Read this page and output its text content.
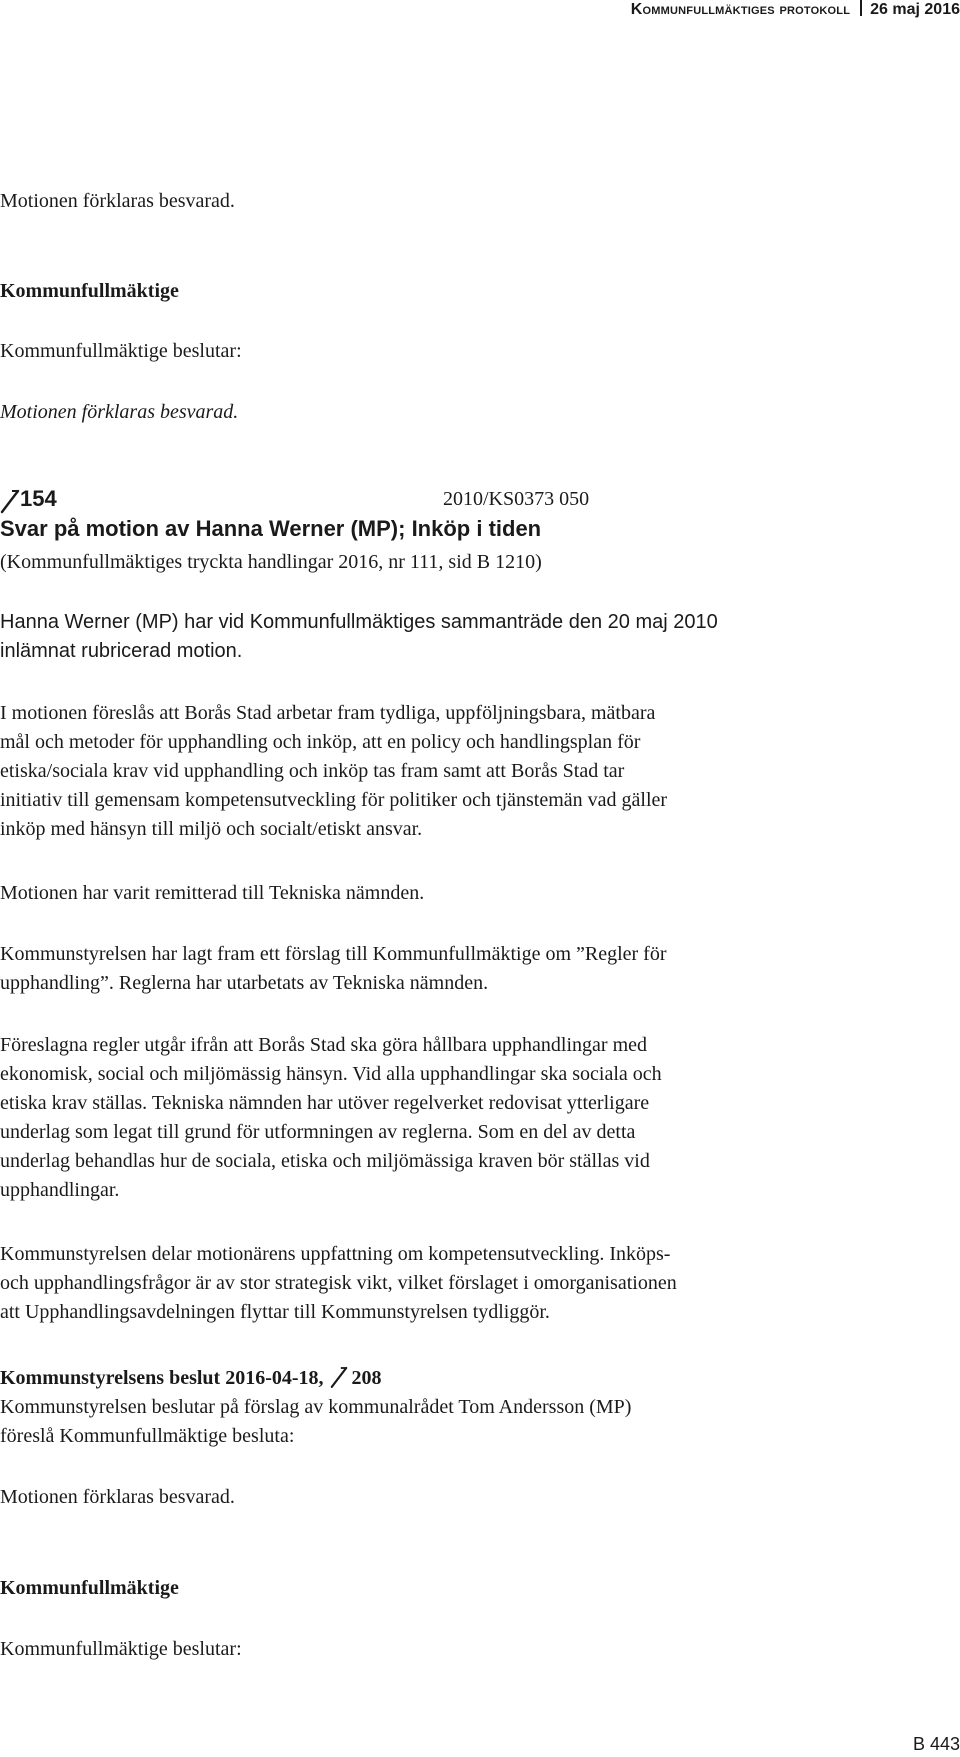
Kommunfullmäktiges protokoll 26 maj 2016

Motionen förklaras besvarad.

Kommunfullmäktige

Kommunfullmäktige beslutar:

Motionen förklaras besvarad.

154	2010/KS0373 050
Svar på motion av Hanna Werner (MP); Inköp i tiden

(Kommunfullmäktiges tryckta handlingar 2016, nr 111, sid B 1210)

Hanna Werner (MP) har vid Kommunfullmäktiges sammanträde den 20 maj 2010

inlämnat rubricerad motion.

I motionen föreslås att Borås Stad arbetar fram tydliga, uppföljningsbara, mätbara

mål och metoder för upphandling och inköp, att en policy och handlingsplan för

etiska/sociala krav vid upphandling och inköp tas fram samt att Borås Stad tar

initiativ till gemensam kompetensutveckling för politiker och tjänstemän vad gäller

inköp med hänsyn till miljö och socialt/etiskt ansvar.

Motionen har varit remitterad till Tekniska nämnden.

Kommunstyrelsen har lagt fram ett förslag till Kommunfullmäktige om ”Regler för

upphandling”. Reglerna har utarbetats av Tekniska nämnden.

Föreslagna regler utgår ifrån att Borås Stad ska göra hållbara upphandlingar med

ekonomisk, social och miljömässig hänsyn. Vid alla upphandlingar ska sociala och

etiska krav ställas. Tekniska nämnden har utöver regelverket redovisat ytterligare

underlag som legat till grund för utformningen av reglerna. Som en del av detta

underlag behandlas hur de sociala, etiska och miljömässiga kraven bör ställas vid

upphandlingar.

Kommunstyrelsen delar motionärens uppfattning om kompetensutveckling. Inköps-

och upphandlingsfrågor är av stor strategisk vikt, vilket förslaget i omorganisationen

att Upphandlingsavdelningen flyttar till Kommunstyrelsen tydliggör.

Kommunstyrelsens beslut 2016-04-18, 208

Kommunstyrelsen beslutar på förslag av kommunalrådet Tom Andersson (MP)

föreslå Kommunfullmäktige besluta:

Motionen förklaras besvarad.

Kommunfullmäktige

Kommunfullmäktige beslutar:

B 443
